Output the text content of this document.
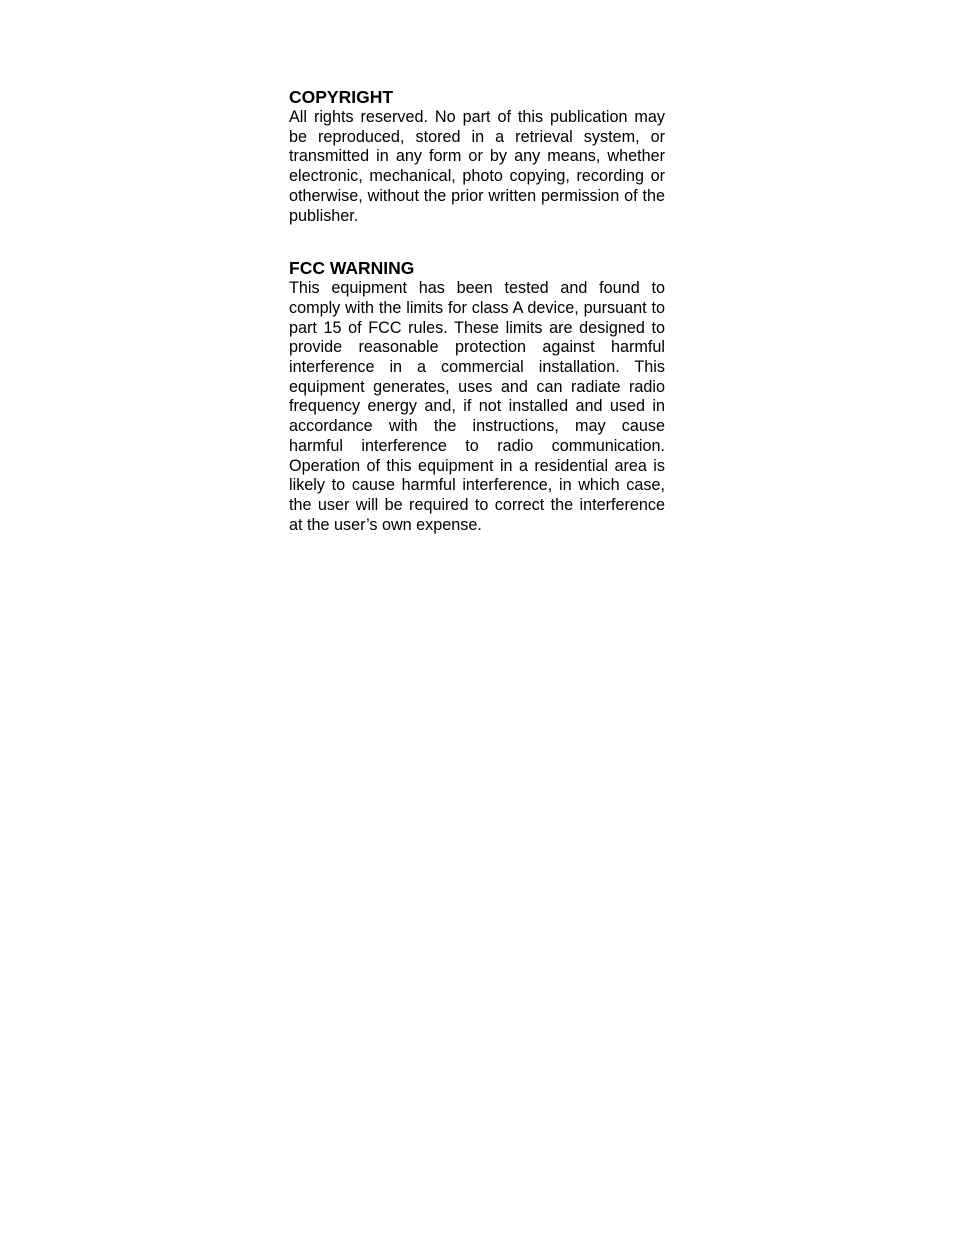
COPYRIGHT

All rights reserved. No part of this publication may be reproduced, stored in a retrieval system, or transmitted in any form or by any means, whether electronic, mechanical, photo copying, recording or otherwise, without the prior written permission of the publisher.

FCC WARNING

This equipment has been tested and found to comply with the limits for class A device, pursuant to part 15 of FCC rules. These limits are designed to provide reasonable protection against harmful interference in a commercial installation. This equipment generates, uses and can radiate radio frequency energy and, if not installed and used in accordance with the instructions, may cause harmful interference to radio communication. Operation of this equipment in a residential area is likely to cause harmful interference, in which case, the user will be required to correct the interference at the user’s own expense.
